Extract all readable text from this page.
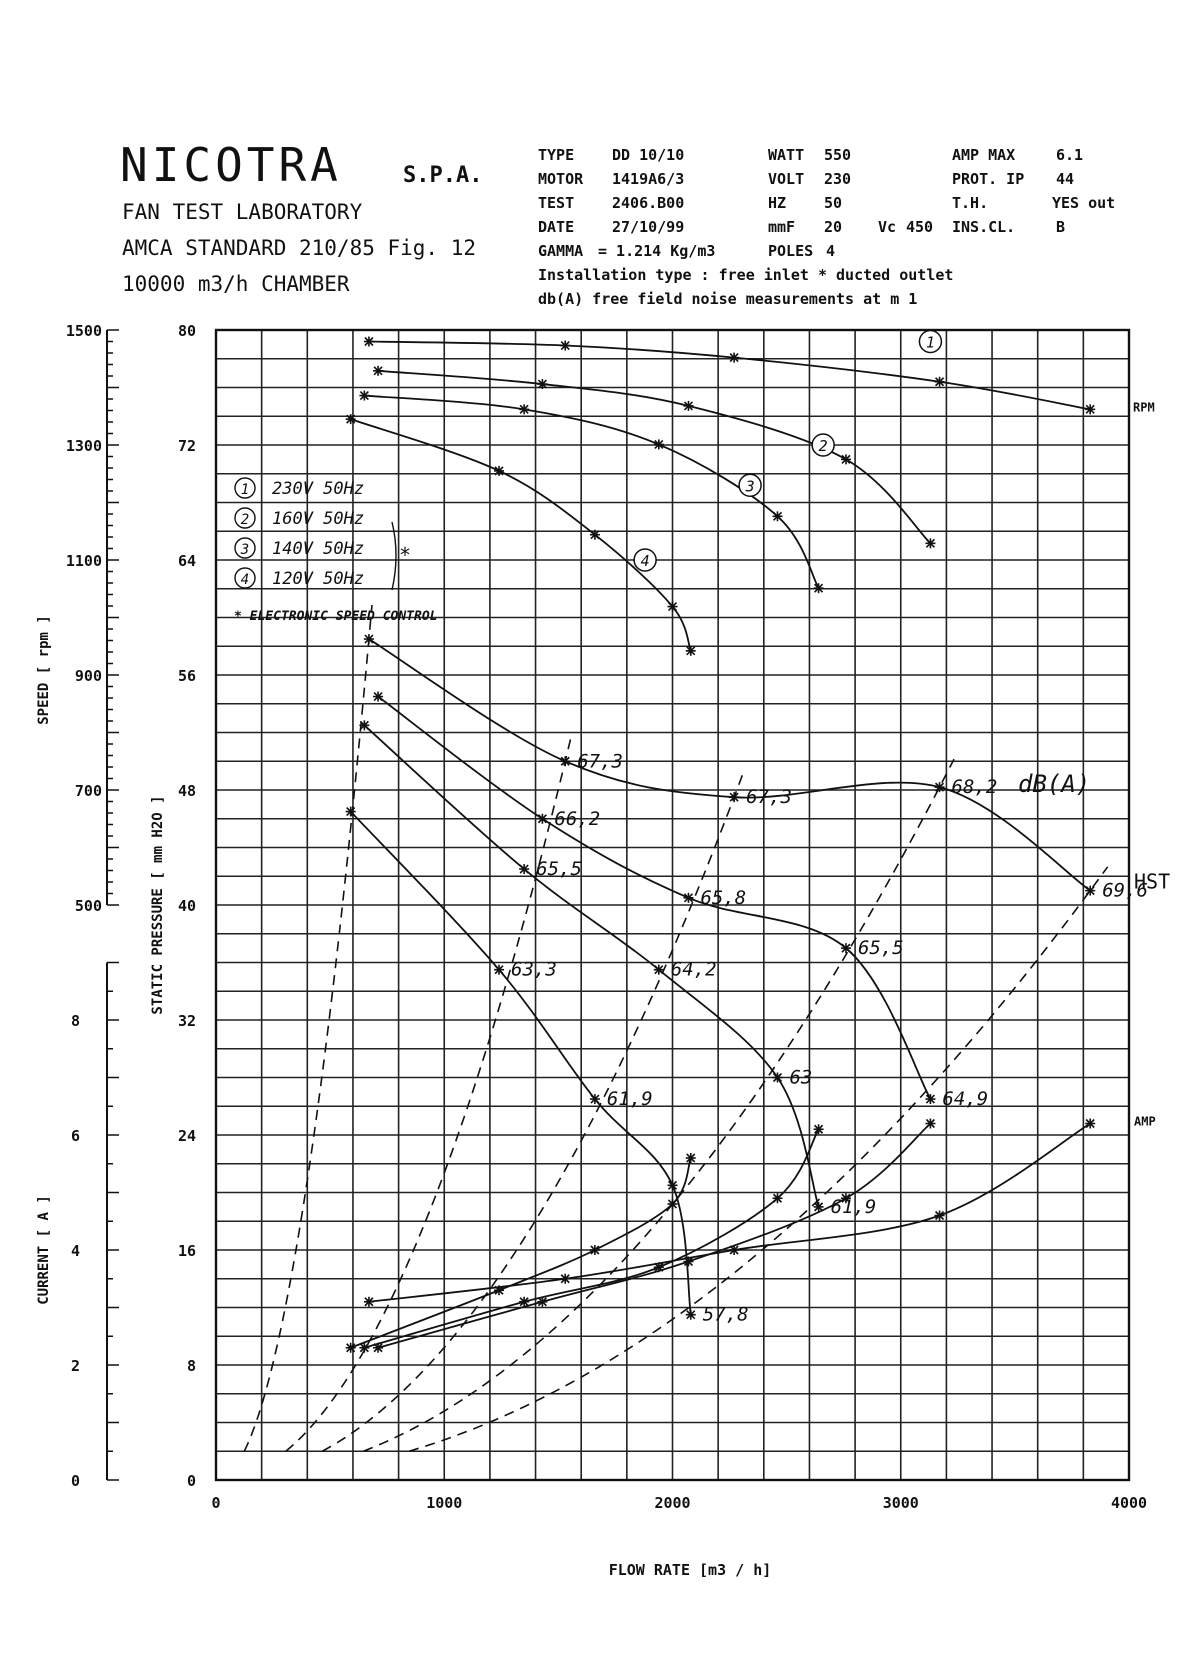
NICOTRA	S.P.A.
FAN TEST LABORATORY
AMCA STANDARD 210/85 Fig. 12
10000 m3/h CHAMBER
TYPE	DD 10/10
MOTOR 1419A6/3
TEST	2406.B00
DATE	27/10/99
GAMMA = 1.214 Kg/m3
WATT 550
VOLT 230
HZ	50
mmF 20 Vc 450
POLES 4
AMP MAX	6.1
PROT. IP 44
T.H.	YES out
INS.CL.	B
Installation type : free inlet * ducted outlet
db(A) free field noise measurements at m 1
0	1000	2000	3000	4000
FLOW RATE [m3 / h]
0
8
16
24
32
40
48
56
64
72
80
STATIC PRESSURE [ mm H2O ]
500
700
900
1100
1300
1500
SPEED [ rpm ]
0
2
4
6
8
CURRENT [ A ]
RPM
HST
AMP
dB(A)
1
2
3
4
67,3
67,3	68,2
69,6
66,2
65,8
65,5
64,9
65,5
64,2
63
61,9
63,3
61,9
57,8
1 230V 50Hz
2 160V 50Hz
3 140V 50Hz
4 120V 50Hz
*
* ELECTRONIC SPEED CONTROL
